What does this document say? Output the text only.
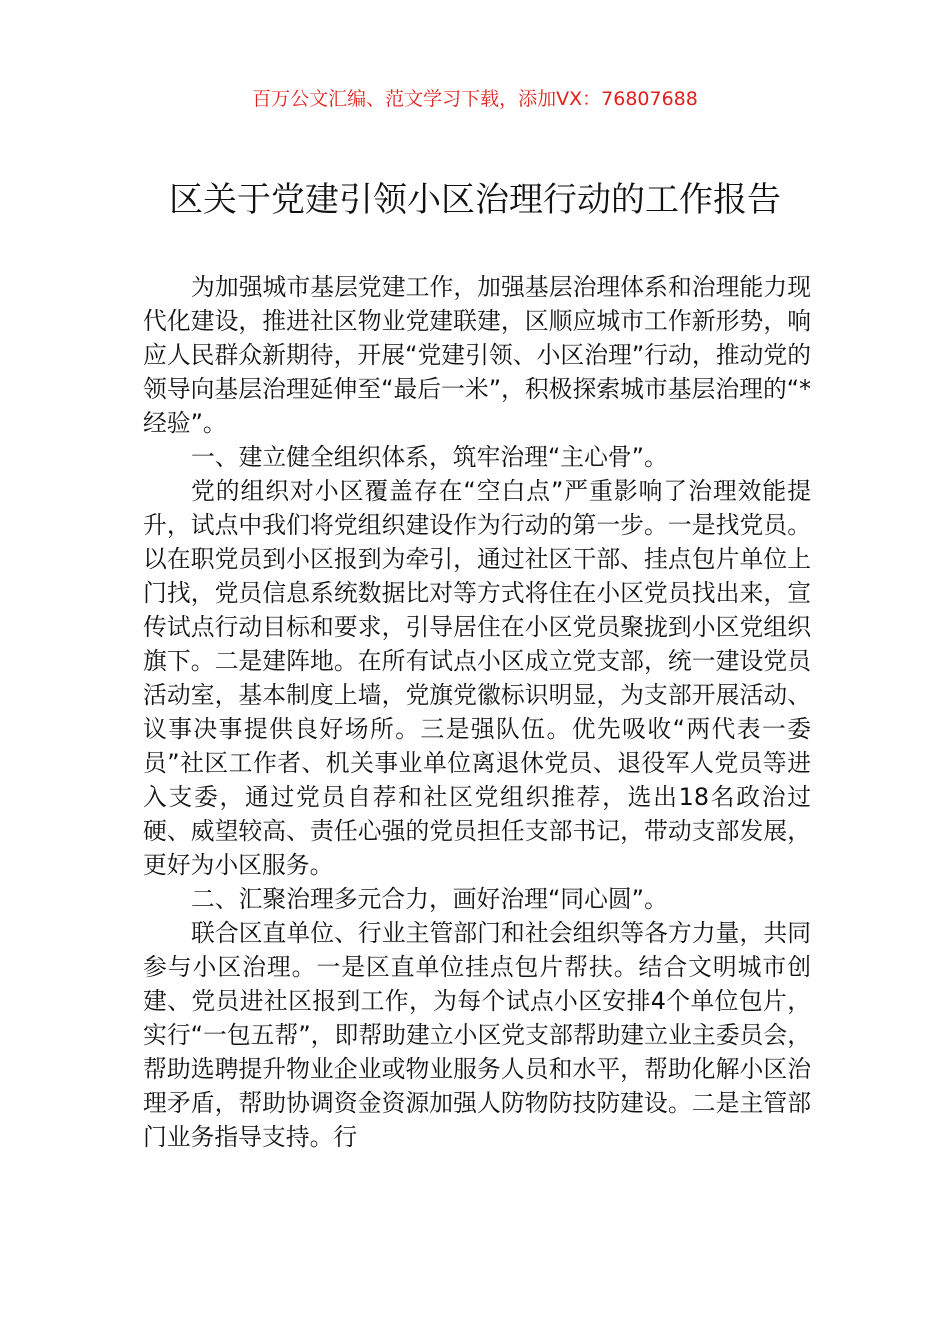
百万公文汇编、范文学习下载，添加VX：76807688
区关于党建引领小区治理行动的工作报告

为加强城市基层党建工作，加强基层治理体系和治理能力现代化建设，推进社区物业党建联建，区顺应城市工作新形势，响应人民群众新期待，开展“党建引领、小区治理”行动，推动党的领导向基层治理延伸至“最后一米”，积极探索城市基层治理的“*经验”。

一、建立健全组织体系，筑牢治理“主心骨”。

党的组织对小区覆盖存在“空白点”严重影响了治理效能提升，试点中我们将党组织建设作为行动的第一步。一是找党员。以在职党员到小区报到为牵引，通过社区干部、挂点包片单位上门找，党员信息系统数据比对等方式将住在小区党员找出来，宣传试点行动目标和要求，引导居住在小区党员聚拢到小区党组织旗下。二是建阵地。在所有试点小区成立党支部，统一建设党员活动室，基本制度上墙，党旗党徽标识明显，为支部开展活动、议事决事提供良好场所。三是强队伍。优先吸收“两代表一委员”社区工作者、机关事业单位离退休党员、退役军人党员等进入支委，通过党员自荐和社区党组织推荐，选出18名政治过硬、威望较高、责任心强的党员担任支部书记，带动支部发展，更好为小区服务。

二、汇聚治理多元合力，画好治理“同心圆”。

联合区直单位、行业主管部门和社会组织等各方力量，共同参与小区治理。一是区直单位挂点包片帮扶。结合文明城市创建、党员进社区报到工作，为每个试点小区安排4个单位包片，实行“一包五帮”，即帮助建立小区党支部帮助建立业主委员会，帮助选聘提升物业企业或物业服务人员和水平，帮助化解小区治理矛盾，帮助协调资金资源加强人防物防技防建设。二是主管部门业务指导支持。行
